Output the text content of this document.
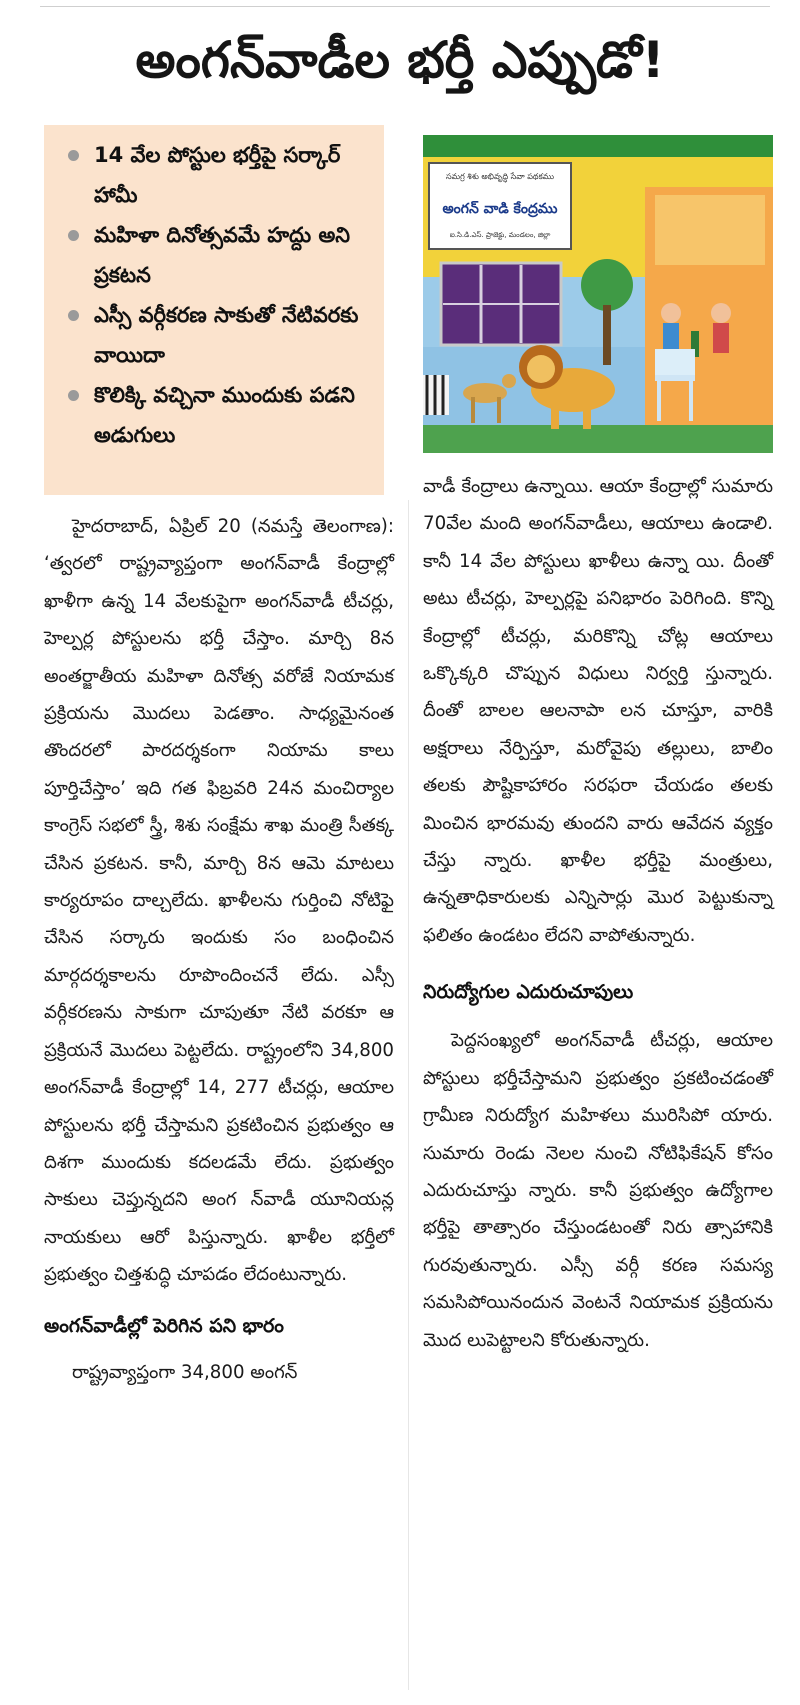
అంగన్‌వాడీల భర్తీ ఎప్పుడో!
14 వేల పోస్టుల భర్తీపై సర్కార్ హామీ
మహిళా దినోత్సవమే హద్దు అని ప్రకటన
ఎస్సీ వర్గీకరణ సాకుతో నేటివరకు వాయిదా
కొలిక్కి వచ్చినా ముందుకు పడని అడుగులు
సమగ్ర శిశు అభివృద్ధి సేవా పథకము
అంగన్ వాడి కేంద్రము
ఐ.సి.డి.ఎస్. ప్రాజెక్టు, మండలం, జిల్లా

హైదరాబాద్, ఏప్రిల్ 20 (నమస్తే తెలంగాణ): ‘త్వరలో రాష్ట్రవ్యాప్తంగా అంగన్‌వాడీ కేంద్రాల్లో ఖాళీగా ఉన్న 14 వేలకుపైగా అంగన్‌వాడీ టీచర్లు, హెల్పర్ల పోస్టులను భర్తీ చేస్తాం. మార్చి 8న అంతర్జాతీయ మహిళా దినోత్స వరోజే నియామక ప్రక్రియను మొదలు పెడతాం. సాధ్యమైనంత తొందరలో పారదర్శకంగా నియామ కాలు పూర్తిచేస్తాం’ ఇది గత ఫిబ్రవరి 24న మంచిర్యాల కాంగ్రెస్ సభలో స్త్రీ, శిశు సంక్షేమ శాఖ మంత్రి సీతక్క చేసిన ప్రకటన. కానీ, మార్చి 8న ఆమె మాటలు కార్యరూపం దాల్చలేదు. ఖాళీలను గుర్తించి నోటిఫై చేసిన సర్కారు ఇందుకు సం బంధించిన మార్గదర్శకాలను రూపొందించనే లేదు. ఎస్సీ వర్గీకరణను సాకుగా చూపుతూ నేటి వరకూ ఆ ప్రక్రియనే మొదలు పెట్టలేదు. రాష్ట్రంలోని 34,800 అంగన్‌వాడీ కేంద్రాల్లో 14, 277 టీచర్లు, ఆయాల పోస్టులను భర్తీ చేస్తామని ప్రకటించిన ప్రభుత్వం ఆ దిశగా ముందుకు కదలడమే లేదు. ప్రభుత్వం సాకులు చెప్తున్నదని అంగ న్‌వాడీ యూనియన్ల నాయకులు ఆరో పిస్తున్నారు. ఖాళీల భర్తీలో ప్రభుత్వం చిత్తశుద్ధి చూపడం లేదంటున్నారు.

అంగన్‌వాడీల్లో పెరిగిన పని భారం

రాష్ట్రవ్యాప్తంగా 34,800 అంగన్

వాడీ కేంద్రాలు ఉన్నాయి. ఆయా కేంద్రాల్లో సుమారు 70వేల మంది అంగన్‌వాడీలు, ఆయాలు ఉండాలి. కానీ 14 వేల పోస్టులు ఖాళీలు ఉన్నా యి. దీంతో అటు టీచర్లు, హెల్పర్లపై పనిభారం పెరిగింది. కొన్ని కేంద్రాల్లో టీచర్లు, మరికొన్ని చోట్ల ఆయాలు ఒక్కొక్కరి చొప్పున విధులు నిర్వర్తి స్తున్నారు. దీంతో బాలల ఆలనాపా లన చూస్తూ, వారికి అక్షరాలు నేర్పిస్తూ, మరోవైపు తల్లులు, బాలిం తలకు పౌష్టికాహారం సరఫరా చేయడం తలకు మించిన భారమవు తుందని వారు ఆవేదన వ్యక్తం చేస్తు న్నారు. ఖాళీల భర్తీపై మంత్రులు, ఉన్నతాధికారులకు ఎన్నిసార్లు మొర పెట్టుకున్నా ఫలితం ఉండటం లేదని వాపోతున్నారు.

నిరుద్యోగుల ఎదురుచూపులు

పెద్దసంఖ్యలో అంగన్‌వాడీ టీచర్లు, ఆయాల పోస్టులు భర్తీచేస్తామని ప్రభుత్వం ప్రకటించడంతో గ్రామీణ నిరుద్యోగ మహిళలు మురిసిపో యారు. సుమారు రెండు నెలల నుంచి నోటిఫికేషన్ కోసం ఎదురుచూస్తు న్నారు. కానీ ప్రభుత్వం ఉద్యోగాల భర్తీపై తాత్సారం చేస్తుండటంతో నిరు త్సాహానికి గురవుతున్నారు. ఎస్సీ వర్గీ కరణ సమస్య సమసిపోయినందున వెంటనే నియామక ప్రక్రియను మొద లుపెట్టాలని కోరుతున్నారు.
